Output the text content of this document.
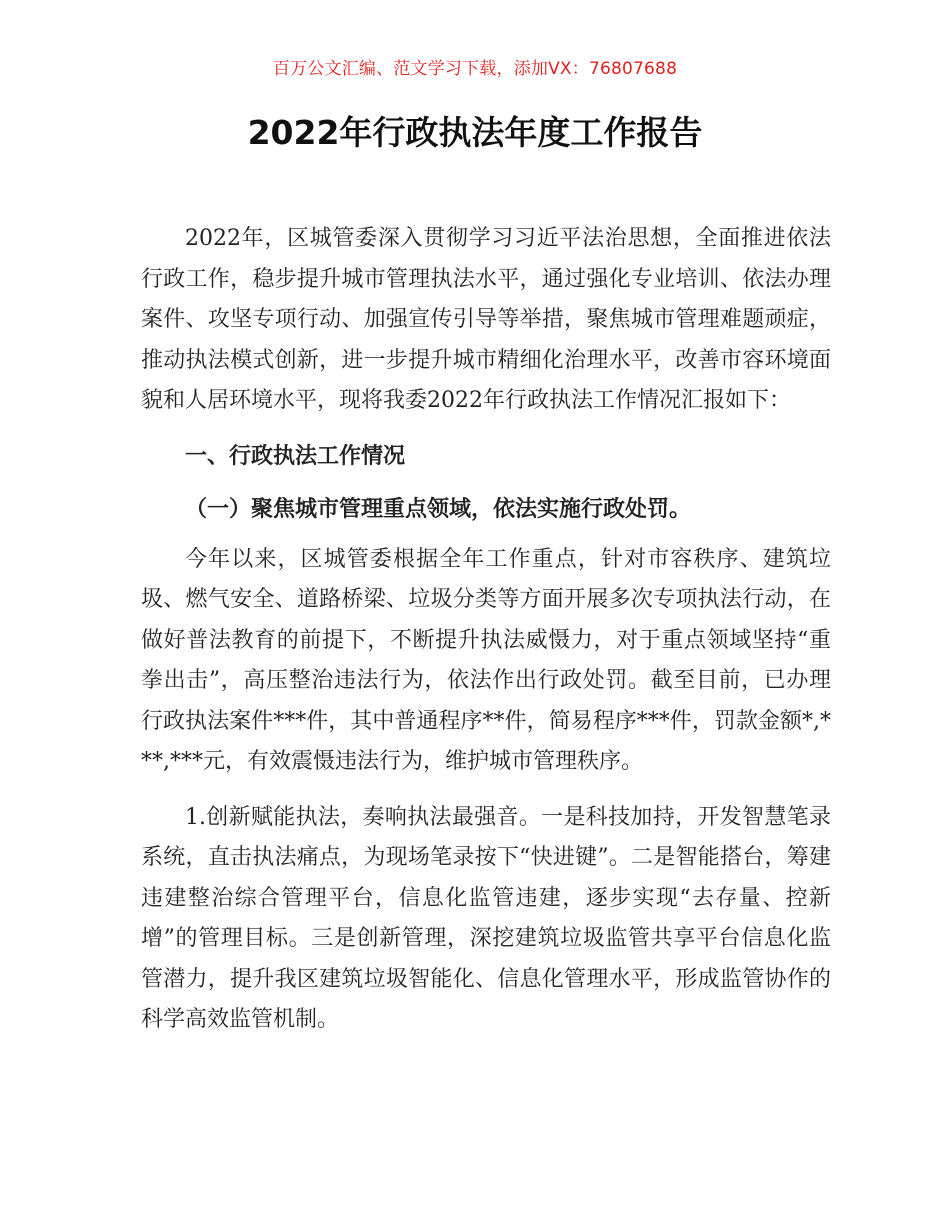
百万公文汇编、范文学习下载，添加VX：76807688
2022年行政执法年度工作报告

2022年，区城管委深入贯彻学习习近平法治思想，全面推进依法行政工作，稳步提升城市管理执法水平，通过强化专业培训、依法办理案件、攻坚专项行动、加强宣传引导等举措，聚焦城市管理难题顽症，推动执法模式创新，进一步提升城市精细化治理水平，改善市容环境面貌和人居环境水平，现将我委2022年行政执法工作情况汇报如下：

一、行政执法工作情况

（一）聚焦城市管理重点领域，依法实施行政处罚。

今年以来，区城管委根据全年工作重点，针对市容秩序、建筑垃圾、燃气安全、道路桥梁、垃圾分类等方面开展多次专项执法行动，在做好普法教育的前提下，不断提升执法威慑力，对于重点领域坚持“重拳出击”，高压整治违法行为，依法作出行政处罚。截至目前，已办理行政执法案件***件，其中普通程序**件，简易程序***件，罚款金额*,***,***元，有效震慑违法行为，维护城市管理秩序。

1.创新赋能执法，奏响执法最强音。一是科技加持，开发智慧笔录系统，直击执法痛点，为现场笔录按下“快进键”。二是智能搭台，筹建违建整治综合管理平台，信息化监管违建，逐步实现“去存量、控新增”的管理目标。三是创新管理，深挖建筑垃圾监管共享平台信息化监管潜力，提升我区建筑垃圾智能化、信息化管理水平，形成监管协作的科学高效监管机制。
